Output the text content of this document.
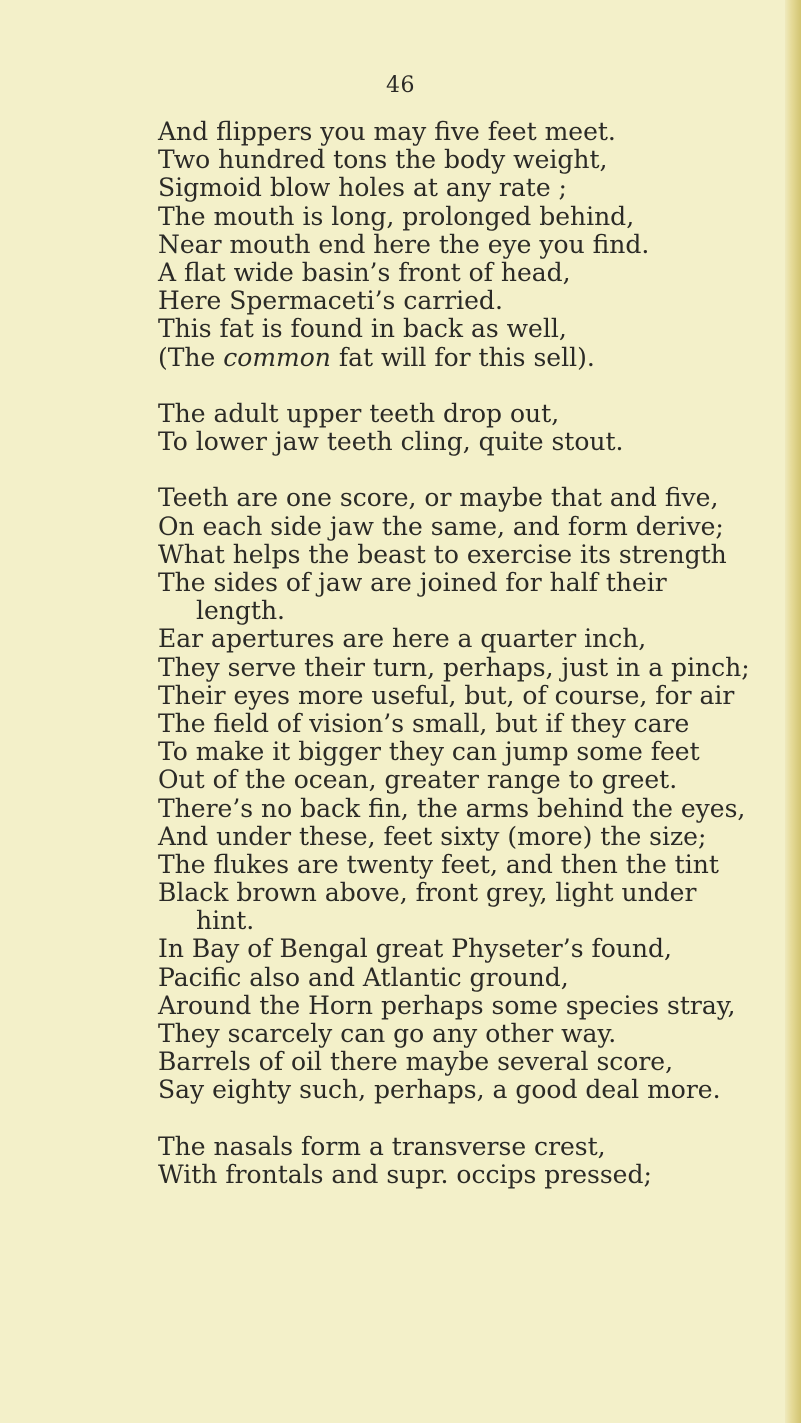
46
And flippers you may five feet meet.
Two hundred tons the body weight,
Sigmoid blow holes at any rate ;
The mouth is long, prolonged behind,
Near mouth end here the eye you find.
A flat wide basin’s front of head,
Here Spermaceti’s carried.
This fat is found in back as well,
(The common fat will for this sell).
The adult upper teeth drop out,
To lower jaw teeth cling, quite stout.
Teeth are one score, or maybe that and five,
On each side jaw the same, and form derive;
What helps the beast to exercise its strength
The sides of jaw are joined for half their
length.
Ear apertures are here a quarter inch,
They serve their turn, perhaps, just in a pinch;
Their eyes more useful, but, of course, for air
The field of vision’s small, but if they care
To make it bigger they can jump some feet
Out of the ocean, greater range to greet.
There’s no back fin, the arms behind the eyes,
And under these, feet sixty (more) the size;
The flukes are twenty feet, and then the tint
Black brown above, front grey, light under
hint.
In Bay of Bengal great Physeter’s found,
Pacific also and Atlantic ground,
Around the Horn perhaps some species stray,
They scarcely can go any other way.
Barrels of oil there maybe several score,
Say eighty such, perhaps, a good deal more.
The nasals form a transverse crest,
With frontals and supr. occips pressed;
